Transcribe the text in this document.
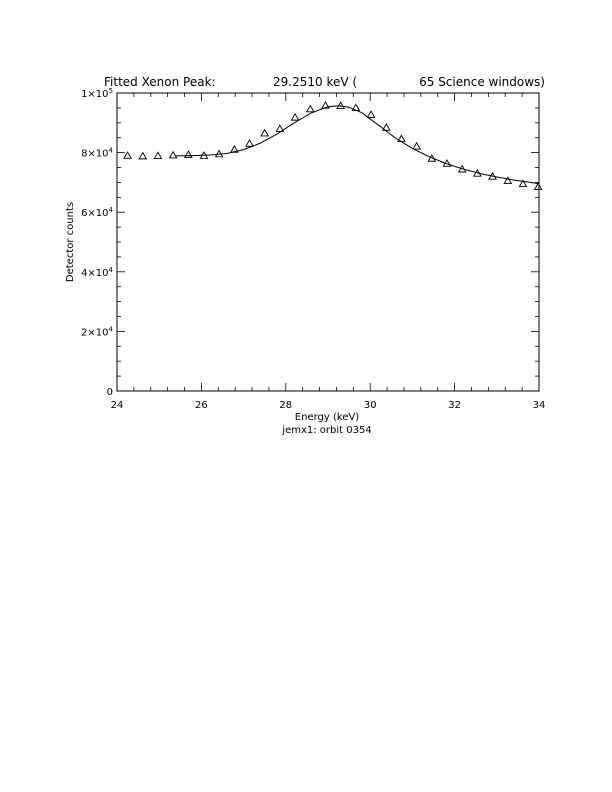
Fitted Xenon Peak:	29.2510 keV (	65 Science windows)
24	26	28	30	32	34
0
$2\times 10^4$
$4\times 10^4$
$6\times 10^4$
$8\times 10^4$
$1\times 10^5$
Energy (keV)
jemx1: orbit 0354
Detector counts
